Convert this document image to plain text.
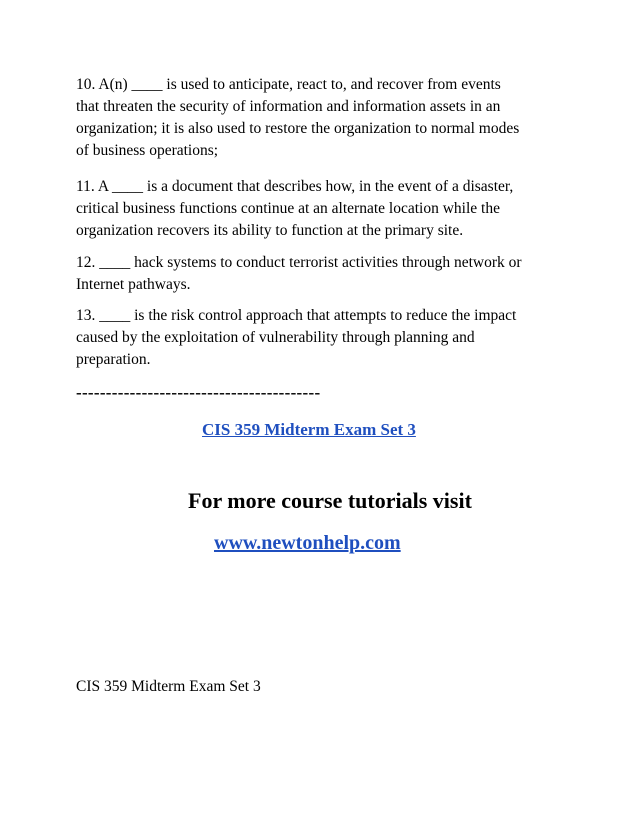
10. A(n) ____ is used to anticipate, react to, and recover from events
that threaten the security of information and information assets in an
organization; it is also used to restore the organization to normal modes
of business operations;

11. A ____ is a document that describes how, in the event of a disaster,
critical business functions continue at an alternate location while the
organization recovers its ability to function at the primary site.

12. ____ hack systems to conduct terrorist activities through network or
Internet pathways.

13. ____ is the risk control approach that attempts to reduce the impact
caused by the exploitation of vulnerability through planning and
preparation.

-----------------------------------------

CIS 359 Midterm Exam Set 3

For more course tutorials visit

www.newtonhelp.com

CIS 359 Midterm Exam Set 3
